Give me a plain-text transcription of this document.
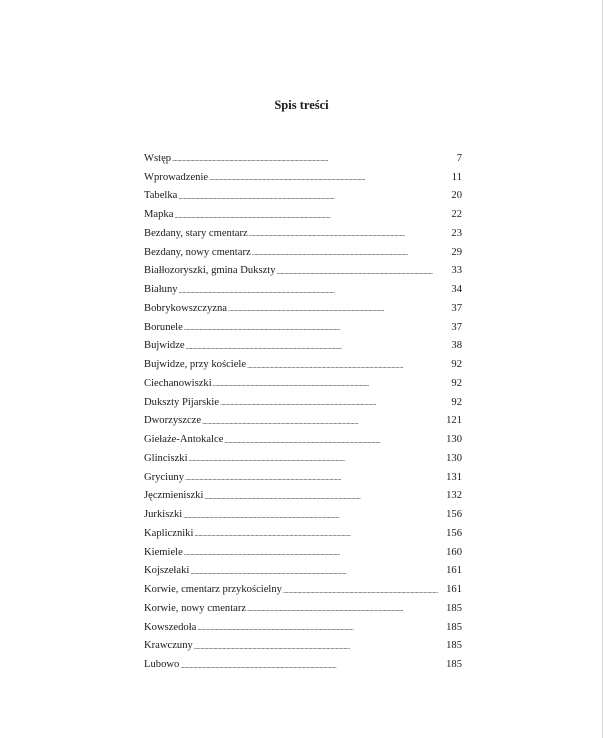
Spis treści
Wstęp . . .	7
Wprowadzenie . . .	11
Tabelka . . .	20
Mapka . . .	22
Bezdany, stary cmentarz . . .	23
Bezdany, nowy cmentarz . . .	29
Białłozoryszki, gmina Dukszty . . .	33
Białuny . . .	34
Bobrykowszczyzna . . .	37
Borunele . . .	37
Bujwidze . . .	38
Bujwidze, przy kościele . . .	92
Ciechanowiszki . . .	92
Dukszty Pijarskie . . .	92
Dworzyszcze . . .	121
Giełaże-Antokalce . . .	130
Glinciszki . . .	130
Gryciuny . . .	131
Jęczmieniszki . . .	132
Jurkiszki . . .	156
Kapliczniki . . .	156
Kiemiele . . .	160
Kojszełaki . . .	161
Korwie, cmentarz przykościelny . . .	161
Korwie, nowy cmentarz . . .	185
Kowszedoła . . .	185
Krawczuny . . .	185
Lubowo . . .	185
